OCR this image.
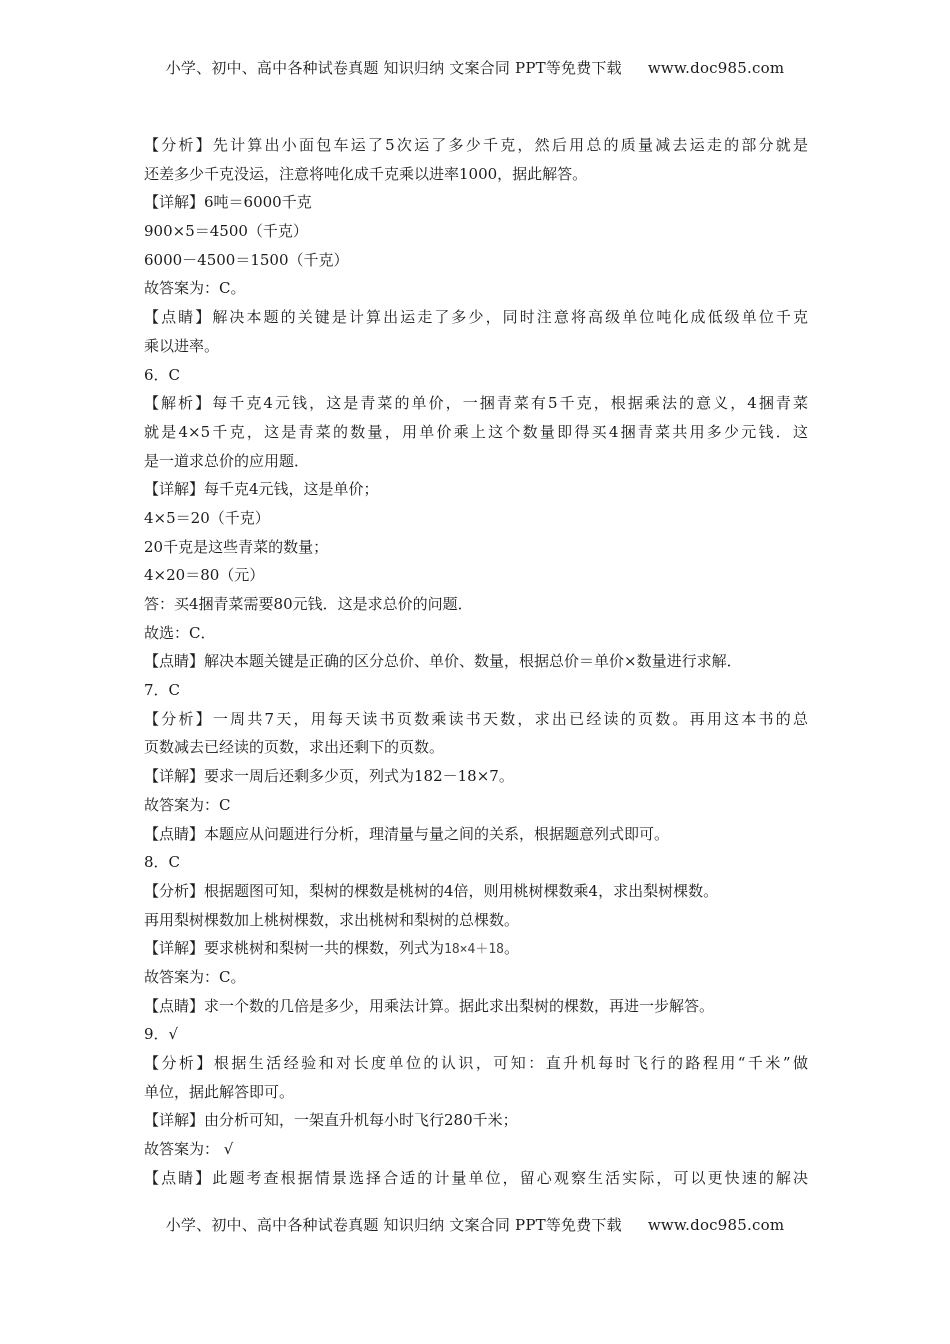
小学、初中、高中各种试卷真题 知识归纳 文案合同 PPT等免费下载 www.doc985.com
【分析】先计算出小面包车运了5次运了多少千克，然后用总的质量减去运走的部分就是
还差多少千克没运，注意将吨化成千克乘以进率1000，据此解答。
【详解】6吨＝6000千克
900×5＝4500（千克）
6000－4500＝1500（千克）
故答案为：C。
【点睛】解决本题的关键是计算出运走了多少，同时注意将高级单位吨化成低级单位千克
乘以进率。
6．C
【解析】每千克4元钱，这是青菜的单价，一捆青菜有5千克，根据乘法的意义，4捆青菜
就是4×5千克，这是青菜的数量，用单价乘上这个数量即得买4捆青菜共用多少元钱．这
是一道求总价的应用题．
【详解】每千克4元钱，这是单价；
4×5＝20（千克）
20千克是这些青菜的数量；
4×20＝80（元）
答：买4捆青菜需要80元钱．这是求总价的问题．
故选：C．
【点睛】解决本题关键是正确的区分总价、单价、数量，根据总价＝单价×数量进行求解．
7．C
【分析】一周共7天，用每天读书页数乘读书天数，求出已经读的页数。再用这本书的总
页数减去已经读的页数，求出还剩下的页数。
【详解】要求一周后还剩多少页，列式为182－18×7。
故答案为：C
【点睛】本题应从问题进行分析，理清量与量之间的关系，根据题意列式即可。
8．C
【分析】根据题图可知，梨树的棵数是桃树的4倍，则用桃树棵数乘4，求出梨树棵数。
再用梨树棵数加上桃树棵数，求出桃树和梨树的总棵数。
【详解】要求桃树和梨树一共的棵数，列式为18×4＋18。
故答案为：C。
【点睛】求一个数的几倍是多少，用乘法计算。据此求出梨树的棵数，再进一步解答。
9．√
【分析】根据生活经验和对长度单位的认识，可知：直升机每时飞行的路程用“千米”做
单位，据此解答即可。
【详解】由分析可知，一架直升机每小时飞行280千米；
故答案为： √
【点睛】此题考查根据情景选择合适的计量单位，留心观察生活实际，可以更快速的解决
小学、初中、高中各种试卷真题 知识归纳 文案合同 PPT等免费下载 www.doc985.com
